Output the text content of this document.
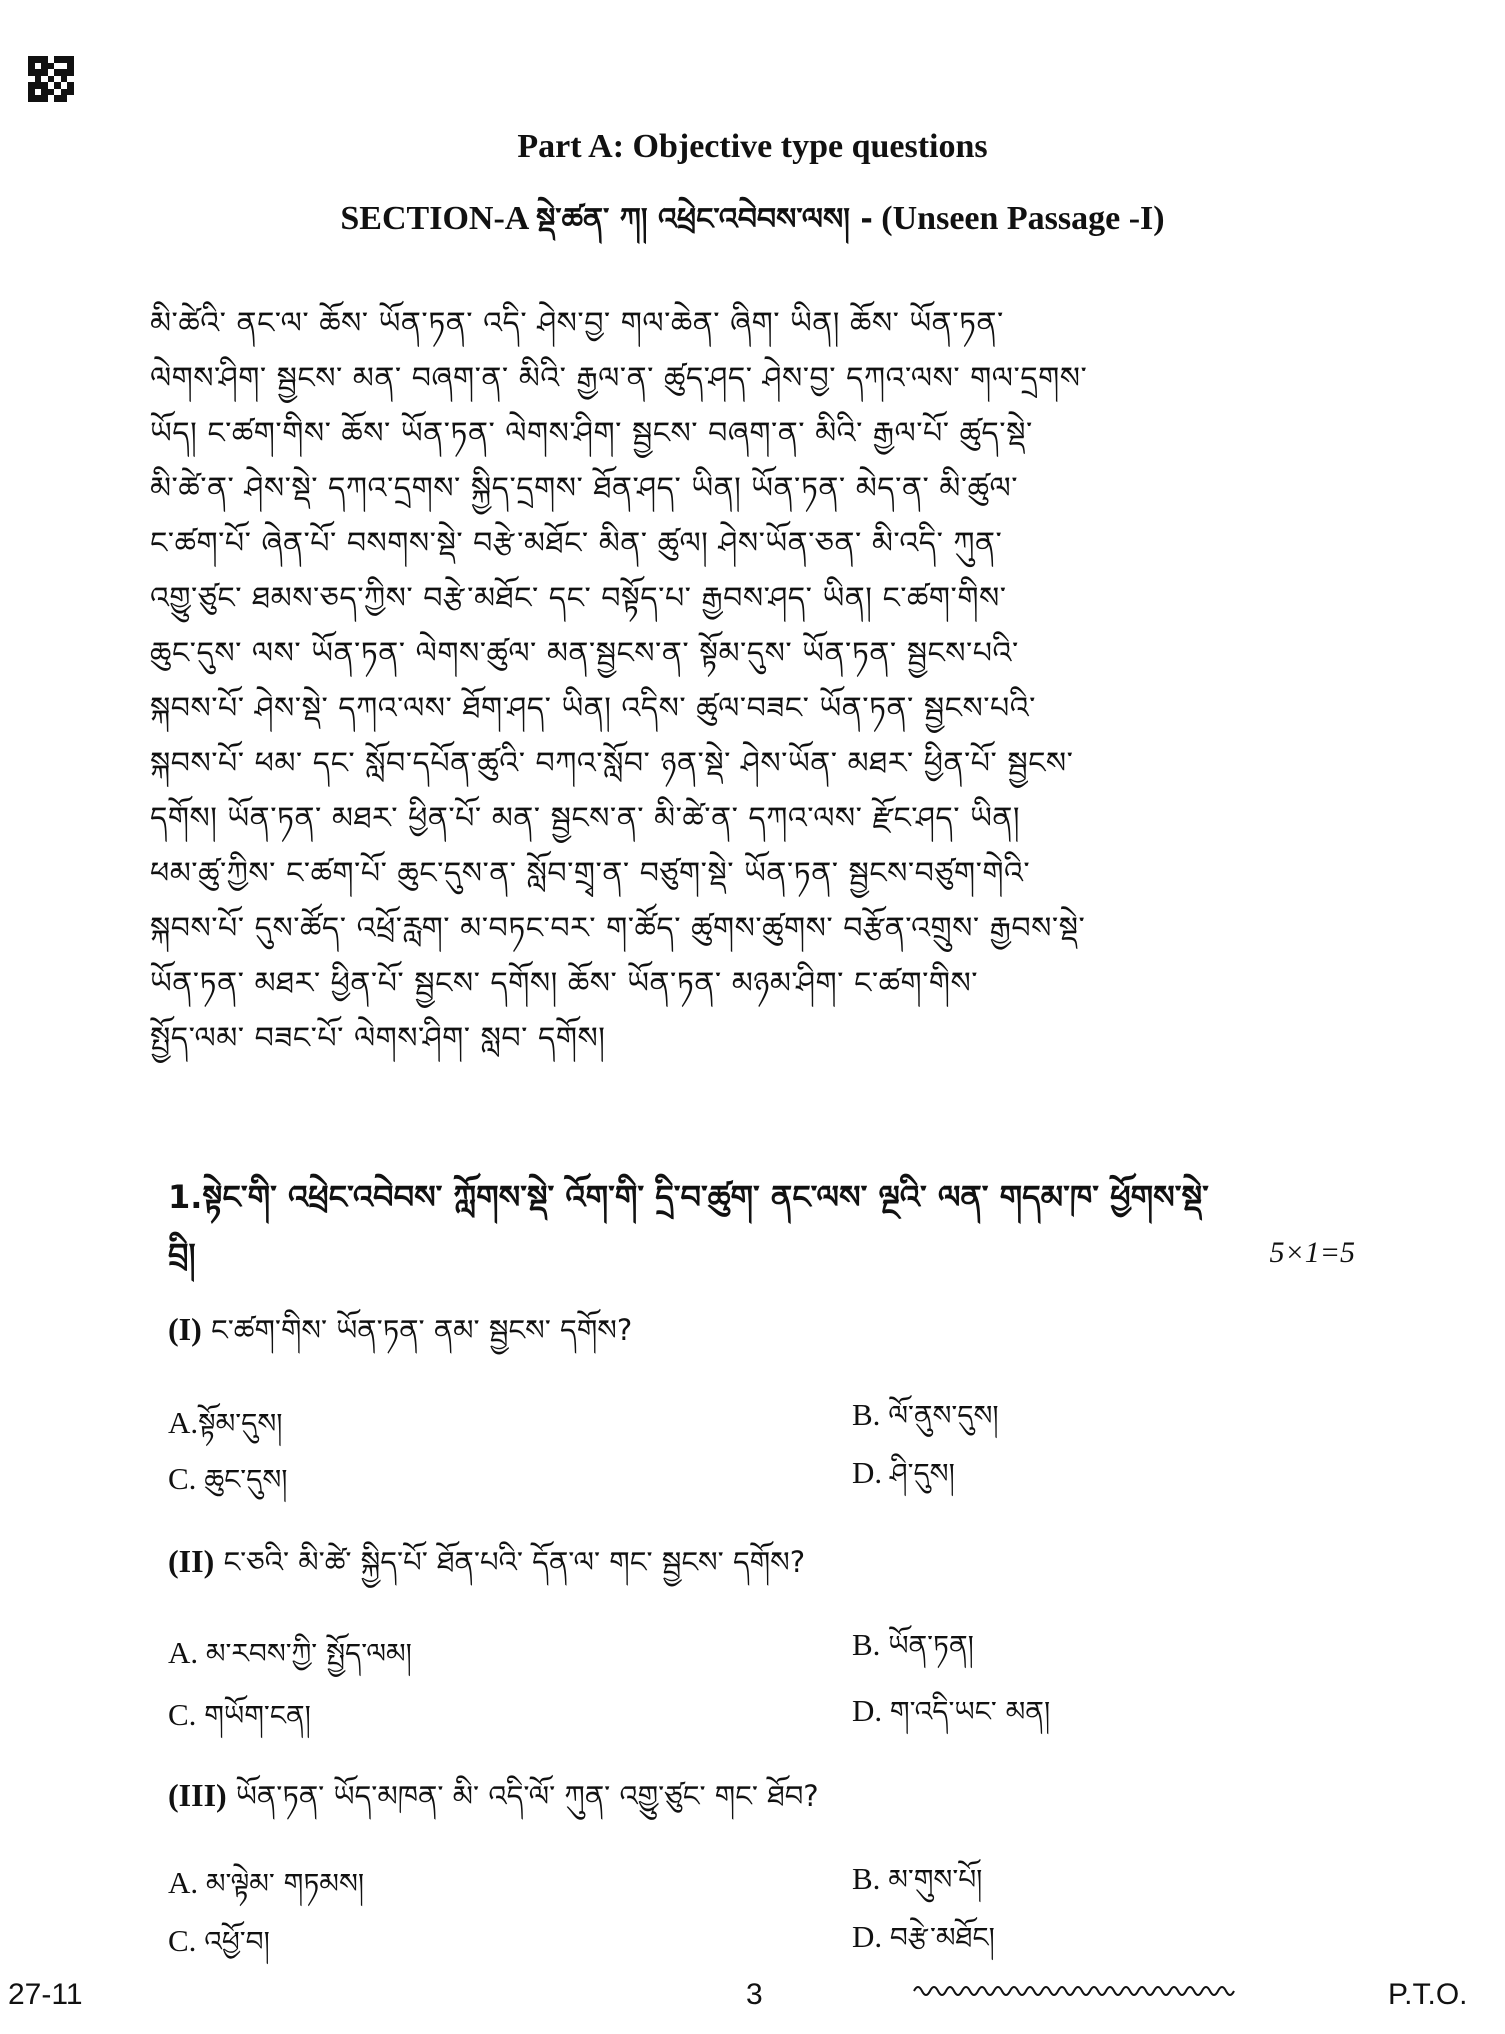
Part A: Objective type questions
SECTION-A སྡེ་ཚན་ ཀ། འཕྲེང་འབེབས་ལས། - (Unseen Passage -I)

མི་ཚེའི་ ནང་ལ་ ཆོས་ ཡོན་ཏན་ འདི་ ཤེས་བྱ་ གལ་ཆེན་ ཞིག་ ཡིན། ཆོས་ ཡོན་ཏན་

ལེགས་ཤིག་ སྦྱངས་ མན་ བཞག་ན་ མིའི་ རྒྱལ་ན་ ཚུད་ཤད་ ཤེས་བྱ་ དཀའ་ལས་ གལ་དྲགས་

ཡོད། ང་ཚག་གིས་ ཆོས་ ཡོན་ཏན་ ལེགས་ཤིག་ སྦྱངས་ བཞག་ན་ མིའི་ རྒྱལ་པོ་ ཚུད་སྡེ་

མི་ཚེ་ན་ ཤེས་སྡེ་ དཀའ་དྲགས་ སྐྱིད་དྲགས་ ཐོན་ཤད་ ཡིན། ཡོན་ཏན་ མེད་ན་ མི་ཚུལ་

ང་ཚག་པོ་ ཞེན་པོ་ བསགས་སྡེ་ བརྩེ་མཐོང་ མིན་ ཚུལ། ཤེས་ཡོན་ཅན་ མི་འདི་ ཀུན་

འགྱུ་ཙུང་ ཐམས་ཅད་ཀྱིས་ བརྩེ་མཐོང་ དང་ བསྟོད་པ་ རྒྱབས་ཤད་ ཡིན། ང་ཚག་གིས་

ཆུང་དུས་ ལས་ ཡོན་ཏན་ ལེགས་ཚུལ་ མན་སྦྱངས་ན་ སྟོམ་དུས་ ཡོན་ཏན་ སྦྱངས་པའི་

སྐབས་པོ་ ཤེས་སྡེ་ དཀའ་ལས་ ཐོག་ཤད་ ཡིན། འདིས་ ཚུལ་བཟང་ ཡོན་ཏན་ སྦྱངས་པའི་

སྐབས་པོ་ ཕམ་ དང་ སློབ་དཔོན་ཚུའི་ བཀའ་སློབ་ ཉན་སྡེ་ ཤེས་ཡོན་ མཐར་ ཕྱིན་པོ་ སྦྱངས་

དགོས། ཡོན་ཏན་ མཐར་ ཕྱིན་པོ་ མན་ སྦྱངས་ན་ མི་ཚེ་ན་ དཀའ་ལས་ རྫོང་ཤད་ ཡིན།

ཕམ་ཚུ་ཀྱིས་ ང་ཚག་པོ་ ཆུང་དུས་ན་ སློབ་གྲྭ་ན་ བཙུག་སྡེ་ ཡོན་ཏན་ སྦྱངས་བཙུག་གེའི་

སྐབས་པོ་ དུས་ཚོད་ འཕྲོ་རླག་ མ་བཏང་བར་ ག་ཚོད་ ཚུགས་ཚུགས་ བརྩོན་འགྲུས་ རྒྱབས་སྡེ་

ཡོན་ཏན་ མཐར་ ཕྱིན་པོ་ སྦྱངས་ དགོས། ཆོས་ ཡོན་ཏན་ མཉམ་ཤིག་ ང་ཚག་གིས་

སྤྱོད་ལམ་ བཟང་པོ་ ལེགས་ཤིག་ སླབ་ དགོས།

1.སྟེང་གི་ འཕྲེང་འབེབས་ ཀློགས་སྡེ་ འོག་གི་ དྲི་བ་ཚུག་ ནང་ལས་ ལྔའི་ ལན་ གདམ་ཁ་ ཕྱོགས་སྡེ་
བྲི།	5×1=5
(I) ང་ཚག་གིས་ ཡོན་ཏན་ ནམ་ སྦྱངས་ དགོས?
A.སྟོམ་དུས།	B. ལོ་ནུས་དུས།
C. ཆུང་དུས།	D. ཤི་དུས།
(II) ང་ཅའི་ མི་ཚེ་ སྐྱིད་པོ་ ཐོན་པའི་ དོན་ལ་ གང་ སྦྱངས་ དགོས?
A. མ་རབས་ཀྱི་ སྤྱོད་ལམ།	B. ཡོན་ཏན།
C. གཡོག་ངན།	D. ག་འདི་ཡང་ མན།
(III) ཡོན་ཏན་ ཡོད་མཁན་ མི་ འདི་ལོ་ ཀུན་ འགྱུ་ཙུང་ གང་ ཐོབ?
A. མ་ལྟེམ་ གཏམས།	B. མ་གུས་པོ།
C. འཕྱོ་བ།	D. བརྩེ་མཐོང།
27-11	3	P.T.O.
